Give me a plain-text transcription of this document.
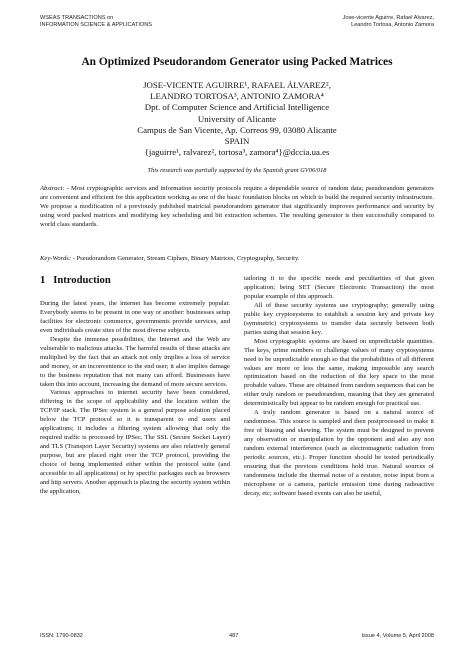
WSEAS TRANSACTIONS on
INFORMATION SCIENCE & APPLICATIONS
Jose-vicente Aguirre, Rafael Alvarez,
Leandro Tortosa, Antonio Zamora
An Optimized Pseudorandom Generator using Packed Matrices
JOSE-VICENTE AGUIRRE¹, RAFAEL ÁLVAREZ²,
LEANDRO TORTOSA³, ANTONIO ZAMORA⁴
Dpt. of Computer Science and Artificial Intelligence
University of Alicante
Campus de San Vicente, Ap. Correos 99, 03080 Alicante
SPAIN
{jaguirre¹, ralvarez², tortosa³, zamora⁴}@dccia.ua.es
This research was partially supported by the Spanish grant GV06/018
Abstract: - Most cryptographic services and information security protocols require a dependable source of random data; pseudorandom generators are convenient and efficient for this application working as one of the basic foundation blocks on which to build the required security infrastructure. We propose a modification of a previously published matricial pseudorandom generator that significantly improves performance and security by using word packed matrices and modifying key scheduling and bit extraction schemes. The resulting generator is then successfully compared to world class standards.
Key-Words: - Pseudorandom Generator, Stream Ciphers, Binary Matrices, Cryptography, Security.
1 Introduction

During the latest years, the internet has become extremely popular. Everybody seems to be present in one way or another: businesses setup facilities for electronic commerce, governments provide services, and even individuals create sites of the most diverse subjects.

Despite the immense possibilities, the Internet and the Web are vulnerable to malicious attacks. The harmful results of these attacks are multiplied by the fact that an attack not only implies a loss of service and money, or an inconvenience to the end user; it also implies damage to the business reputation that not many can afford. Businesses have taken this into account, increasing the demand of more secure services.

Various approaches to internet security have been considered, differing in the scope of applicability and the location within the TCP/IP stack. The IPSec system is a general purpose solution placed below the TCP protocol so it is transparent to end users and applications; it includes a filtering system allowing that only the required traffic is processed by IPSec. The SSL (Secure Socket Layer) and TLS (Transport Layer Security) systems are also relatively general purpose, but are placed right over the TCP protocol, providing the choice of being implemented either within the protocol suite (and accessible to all applications) or by specific packages such as browsers and http servers. Another approach is placing the security system within the application,

tailoring it to the specific needs and peculiarities of that given application; being SET (Secure Electronic Transaction) the most popular example of this approach.

All of these security systems use cryptography; generally using public key cryptosystems to establish a session key and private key (symmetric) cryptosystems to transfer data securely between both parties using that session key.

Most cryptographic systems are based on unpredictable quantities. The keys, prime numbers or challenge values of many cryptosystems need to be unpredictable enough so that the probabilities of all different values are more or less the same, making impossible any search optimization based on the reduction of the key space to the most probable values. These are obtained from random sequences that can be either truly random or pseudorandom, meaning that they are generated deterministically but appear to be random enough for practical use.

A truly random generator is based on a natural source of randomness. This source is sampled and then postprocessed to make it free of biasing and skewing. The system must be designed to prevent any observation or manipulation by the opponent and also any non random external interference (such as electromagnetic radiation from periodic sources, etc.). Proper function should be tested periodically ensuring that the previous conditions hold true. Natural sources of randomness include the thermal noise of a resistor, noise input from a microphone or a camera, particle emission time during radioactive decay, etc; software based events can also be useful,

ISSN: 1790-0832	487	Issue 4, Volume 5, April 2008
